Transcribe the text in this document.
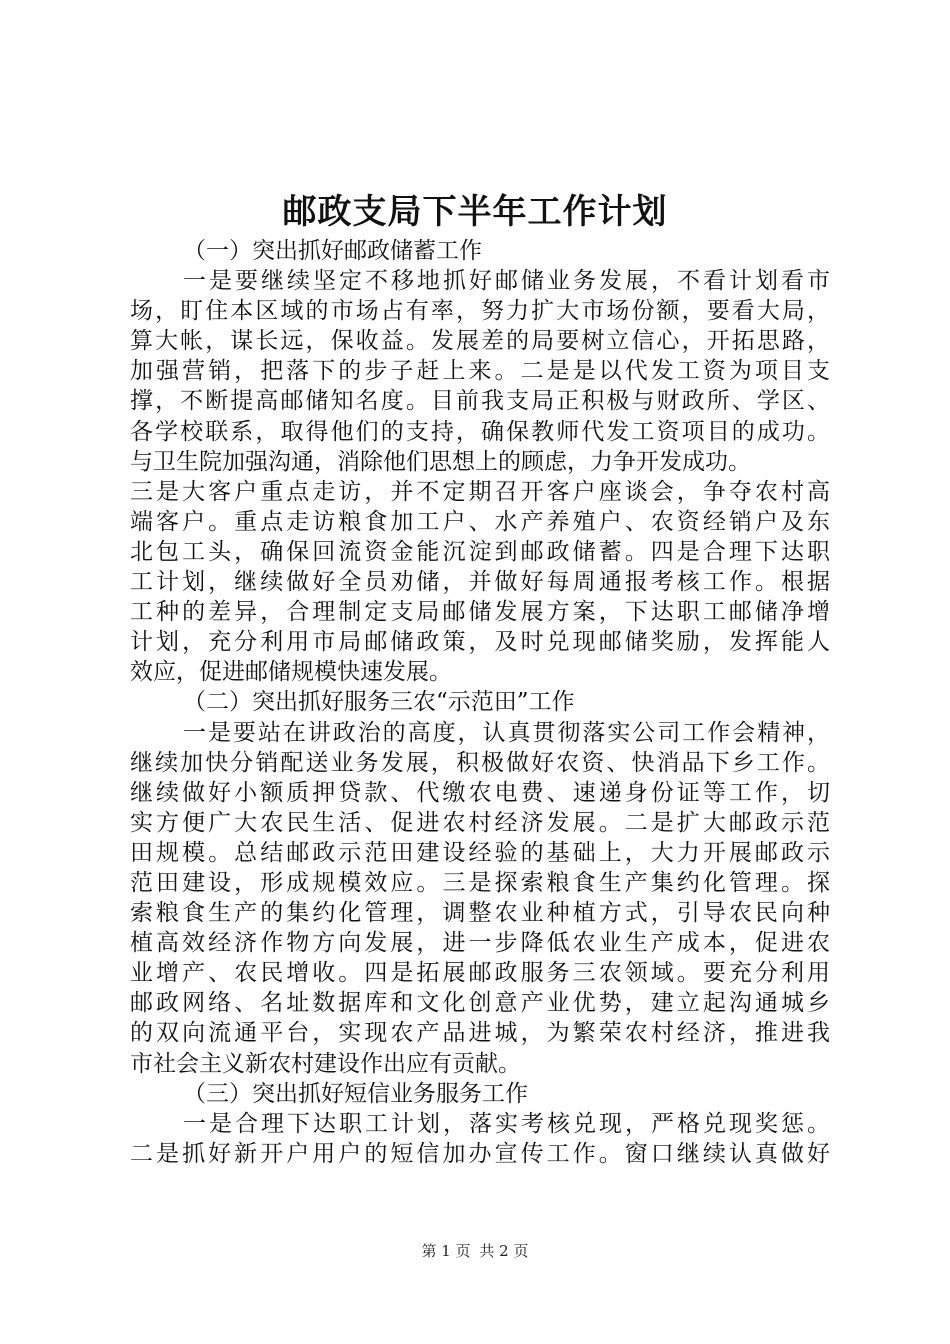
邮政支局下半年工作计划
（一）突出抓好邮政储蓄工作
一是要继续坚定不移地抓好邮储业务发展，不看计划看市
场，盯住本区域的市场占有率，努力扩大市场份额，要看大局，
算大帐，谋长远，保收益。发展差的局要树立信心，开拓思路，
加强营销，把落下的步子赶上来。二是是以代发工资为项目支
撑，不断提高邮储知名度。目前我支局正积极与财政所、学区、
各学校联系，取得他们的支持，确保教师代发工资项目的成功。
与卫生院加强沟通，消除他们思想上的顾虑，力争开发成功。
三是大客户重点走访，并不定期召开客户座谈会，争夺农村高
端客户。重点走访粮食加工户、水产养殖户、农资经销户及东
北包工头，确保回流资金能沉淀到邮政储蓄。四是合理下达职
工计划，继续做好全员劝储，并做好每周通报考核工作。根据
工种的差异，合理制定支局邮储发展方案，下达职工邮储净增
计划，充分利用市局邮储政策，及时兑现邮储奖励，发挥能人
效应，促进邮储规模快速发展。
（二）突出抓好服务三农“示范田”工作
一是要站在讲政治的高度，认真贯彻落实公司工作会精神，
继续加快分销配送业务发展，积极做好农资、快消品下乡工作。
继续做好小额质押贷款、代缴农电费、速递身份证等工作，切
实方便广大农民生活、促进农村经济发展。二是扩大邮政示范
田规模。总结邮政示范田建设经验的基础上，大力开展邮政示
范田建设，形成规模效应。三是探索粮食生产集约化管理。探
索粮食生产的集约化管理，调整农业种植方式，引导农民向种
植高效经济作物方向发展，进一步降低农业生产成本，促进农
业增产、农民增收。四是拓展邮政服务三农领域。要充分利用
邮政网络、名址数据库和文化创意产业优势，建立起沟通城乡
的双向流通平台，实现农产品进城，为繁荣农村经济，推进我
市社会主义新农村建设作出应有贡献。
（三）突出抓好短信业务服务工作
一是合理下达职工计划，落实考核兑现，严格兑现奖惩。
二是抓好新开户用户的短信加办宣传工作。窗口继续认真做好
第 1 页 共 2 页
